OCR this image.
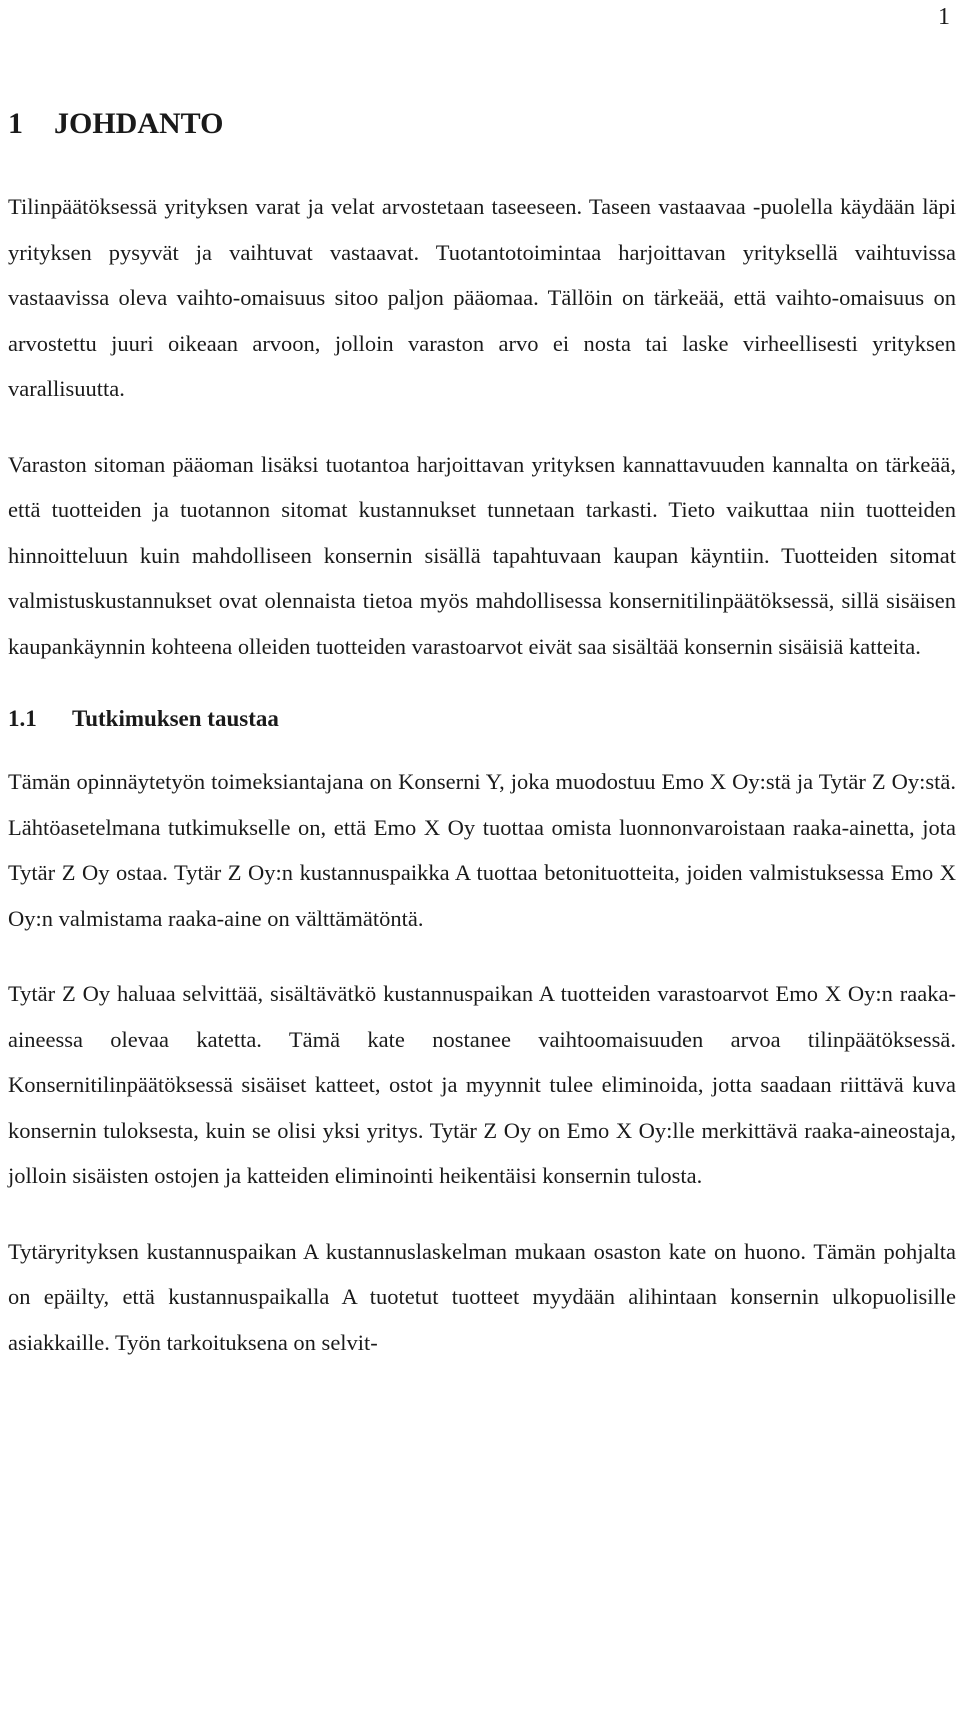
1
1 JOHDANTO

Tilinpäätöksessä yrityksen varat ja velat arvostetaan taseeseen. Taseen vastaavaa -puolella käydään läpi yrityksen pysyvät ja vaihtuvat vastaavat. Tuotantotoimintaa harjoittavan yrityksellä vaihtuvissa vastaavissa oleva vaihto-omaisuus sitoo paljon pääomaa. Tällöin on tärkeää, että vaihto-omaisuus on arvostettu juuri oikeaan arvoon, jolloin varaston arvo ei nosta tai laske virheellisesti yrityksen varallisuutta.

Varaston sitoman pääoman lisäksi tuotantoa harjoittavan yrityksen kannattavuuden kannalta on tärkeää, että tuotteiden ja tuotannon sitomat kustannukset tunnetaan tarkasti. Tieto vaikuttaa niin tuotteiden hinnoitteluun kuin mahdolliseen konsernin sisällä tapahtuvaan kaupan käyntiin. Tuotteiden sitomat valmistuskustannukset ovat olennaista tietoa myös mahdollisessa konsernitilinpäätöksessä, sillä sisäisen kaupankäynnin kohteena olleiden tuotteiden varastoarvot eivät saa sisältää konsernin sisäisiä katteita.

1.1 Tutkimuksen taustaa

Tämän opinnäytetyön toimeksiantajana on Konserni Y, joka muodostuu Emo X Oy:stä ja Tytär Z Oy:stä. Lähtöasetelmana tutkimukselle on, että Emo X Oy tuottaa omista luonnonvaroistaan raaka-ainetta, jota Tytär Z Oy ostaa. Tytär Z Oy:n kustannuspaikka A tuottaa betonituotteita, joiden valmistuksessa Emo X Oy:n valmistama raaka-aine on välttämätöntä.

Tytär Z Oy haluaa selvittää, sisältävätkö kustannuspaikan A tuotteiden varastoarvot Emo X Oy:n raaka-aineessa olevaa katetta. Tämä kate nostanee vaihtoomaisuuden arvoa tilinpäätöksessä. Konsernitilinpäätöksessä sisäiset katteet, ostot ja myynnit tulee eliminoida, jotta saadaan riittävä kuva konsernin tuloksesta, kuin se olisi yksi yritys. Tytär Z Oy on Emo X Oy:lle merkittävä raaka-aineostaja, jolloin sisäisten ostojen ja katteiden eliminointi heikentäisi konsernin tulosta.

Tytäryrityksen kustannuspaikan A kustannuslaskelman mukaan osaston kate on huono. Tämän pohjalta on epäilty, että kustannuspaikalla A tuotetut tuotteet myydään alihintaan konsernin ulkopuolisille asiakkaille. Työn tarkoituksena on selvit-
